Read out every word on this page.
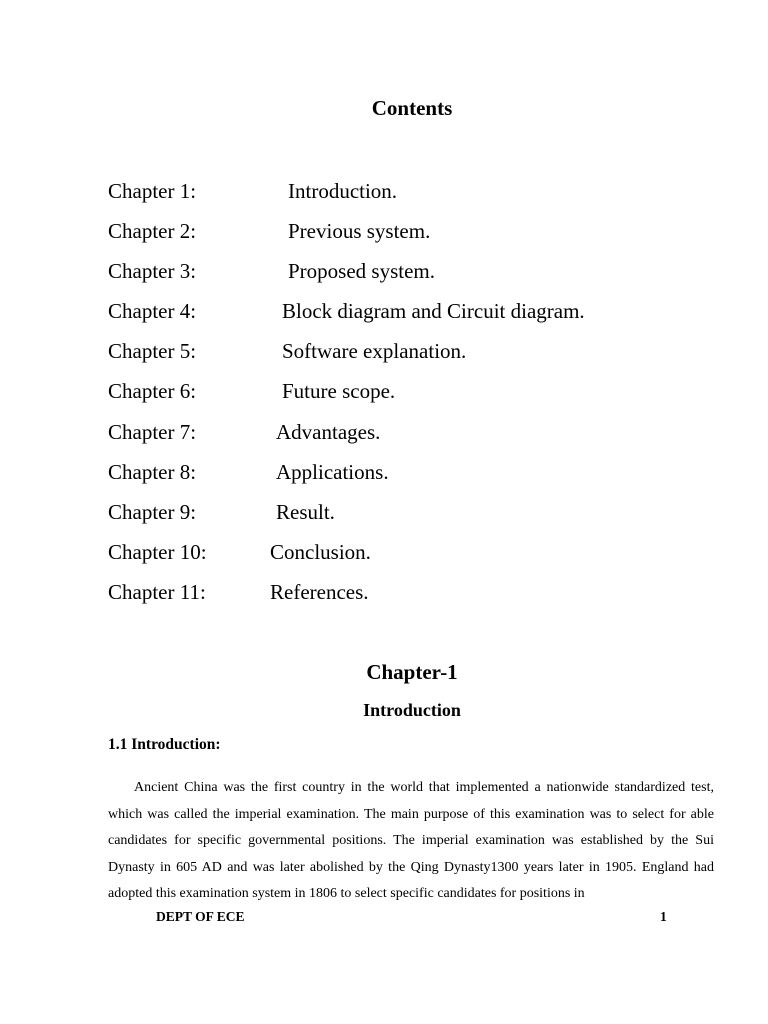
Contents
Chapter 1:	Introduction.
Chapter 2:	Previous system.
Chapter 3:	Proposed system.
Chapter 4:	Block diagram and Circuit diagram.
Chapter 5:	Software explanation.
Chapter 6:	Future scope.
Chapter 7:	Advantages.
Chapter 8:	Applications.
Chapter 9:	Result.
Chapter 10:	Conclusion.
Chapter 11:	References.
Chapter-1
Introduction
1.1 Introduction:

Ancient China was the first country in the world that implemented a nationwide standardized test, which was called the imperial examination. The main purpose of this examination was to select for able candidates for specific governmental positions. The imperial examination was established by the Sui Dynasty in 605 AD and was later abolished by the Qing Dynasty1300 years later in 1905. England had adopted this examination system in 1806 to select specific candidates for positions in

DEPT OF ECE	1
